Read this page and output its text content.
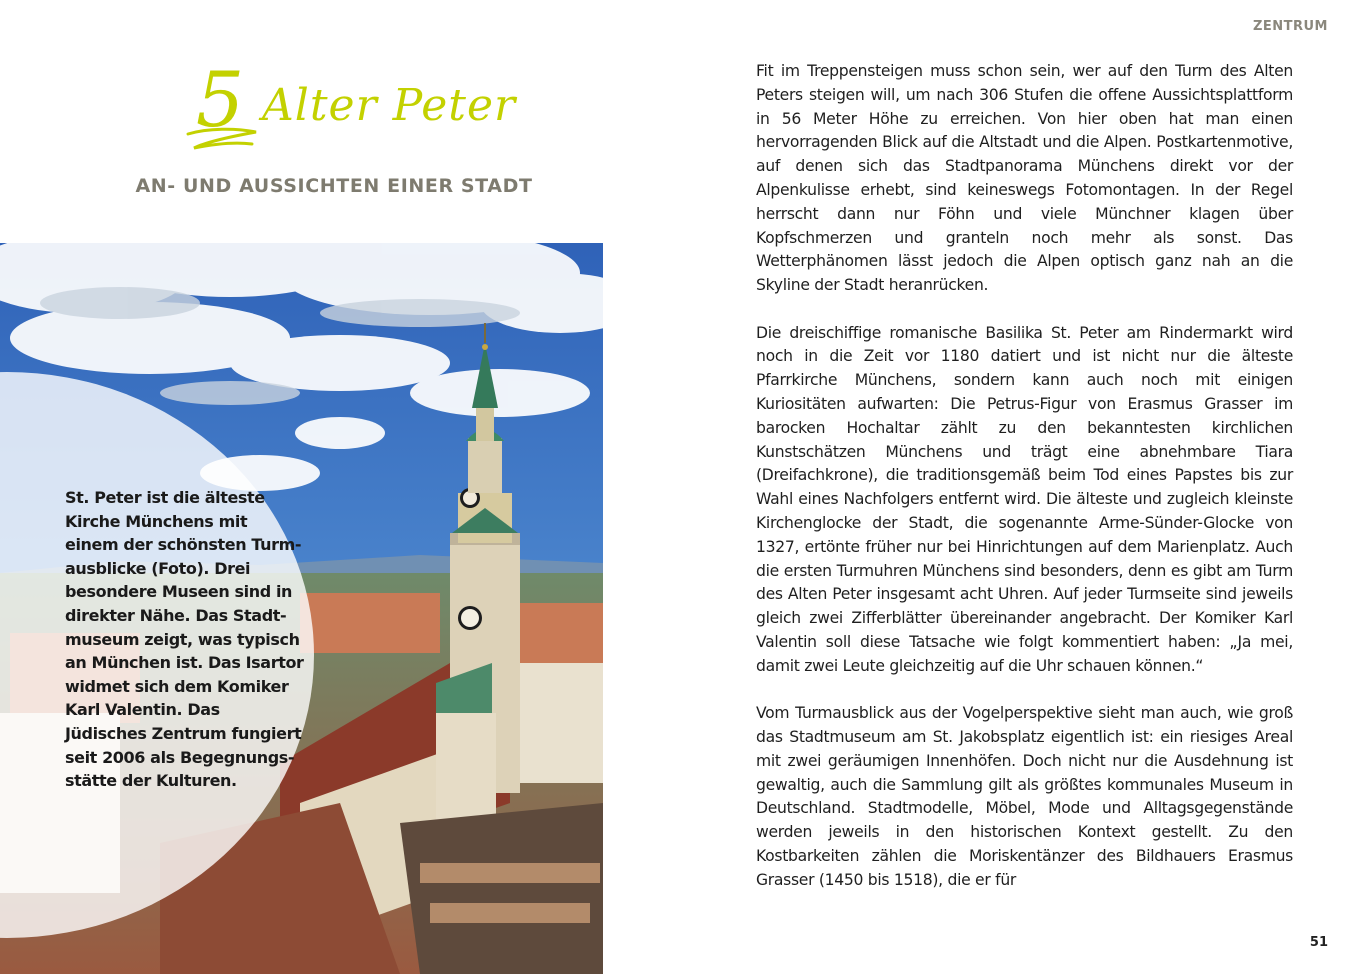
5 Alter Peter
AN- UND AUSSICHTEN EINER STADT
St. Peter ist die älteste Kirche Münchens mit einem der schönsten Turmausblicke (Foto). Drei besondere Museen sind in direkter Nähe. Das Stadtmuseum zeigt, was typisch an München ist. Das Isartor widmet sich dem Komiker Karl Valentin. Das Jüdisches Zentrum fungiert seit 2006 als Begegnungsstätte der Kulturen.
ZENTRUM

Fit im Treppensteigen muss schon sein, wer auf den Turm des Alten Peters steigen will, um nach 306 Stufen die offene Aussichtsplattform in 56 Meter Höhe zu erreichen. Von hier oben hat man einen hervorragenden Blick auf die Altstadt und die Alpen. Postkartenmotive, auf denen sich das Stadtpanorama Münchens direkt vor der Alpenkulisse erhebt, sind keineswegs Fotomontagen. In der Regel herrscht dann nur Föhn und viele Münchner klagen über Kopfschmerzen und granteln noch mehr als sonst. Das Wetterphänomen lässt jedoch die Alpen optisch ganz nah an die Skyline der Stadt heranrücken.

Die dreischiffige romanische Basilika St. Peter am Rindermarkt wird noch in die Zeit vor 1180 datiert und ist nicht nur die älteste Pfarrkirche Münchens, sondern kann auch noch mit einigen Kuriositäten aufwarten: Die Petrus-Figur von Erasmus Grasser im barocken Hochaltar zählt zu den bekanntesten kirchlichen Kunstschätzen Münchens und trägt eine abnehmbare Tiara (Dreifachkrone), die traditionsgemäß beim Tod eines Papstes bis zur Wahl eines Nachfolgers entfernt wird. Die älteste und zugleich kleinste Kirchenglocke der Stadt, die sogenannte Arme-Sünder-Glocke von 1327, ertönte früher nur bei Hinrichtungen auf dem Marienplatz. Auch die ersten Turmuhren Münchens sind besonders, denn es gibt am Turm des Alten Peter insgesamt acht Uhren. Auf jeder Turmseite sind jeweils gleich zwei Zifferblätter übereinander angebracht. Der Komiker Karl Valentin soll diese Tatsache wie folgt kommentiert haben: „Ja mei, damit zwei Leute gleichzeitig auf die Uhr schauen können.“

Vom Turmausblick aus der Vogelperspektive sieht man auch, wie groß das Stadtmuseum am St. Jakobsplatz eigentlich ist: ein riesiges Areal mit zwei geräumigen Innenhöfen. Doch nicht nur die Ausdehnung ist gewaltig, auch die Sammlung gilt als größtes kommunales Museum in Deutschland. Stadtmodelle, Möbel, Mode und Alltagsgegenstände werden jeweils in den historischen Kontext gestellt. Zu den Kostbarkeiten zählen die Moriskentänzer des Bildhauers Erasmus Grasser (1450 bis 1518), die er für

51
